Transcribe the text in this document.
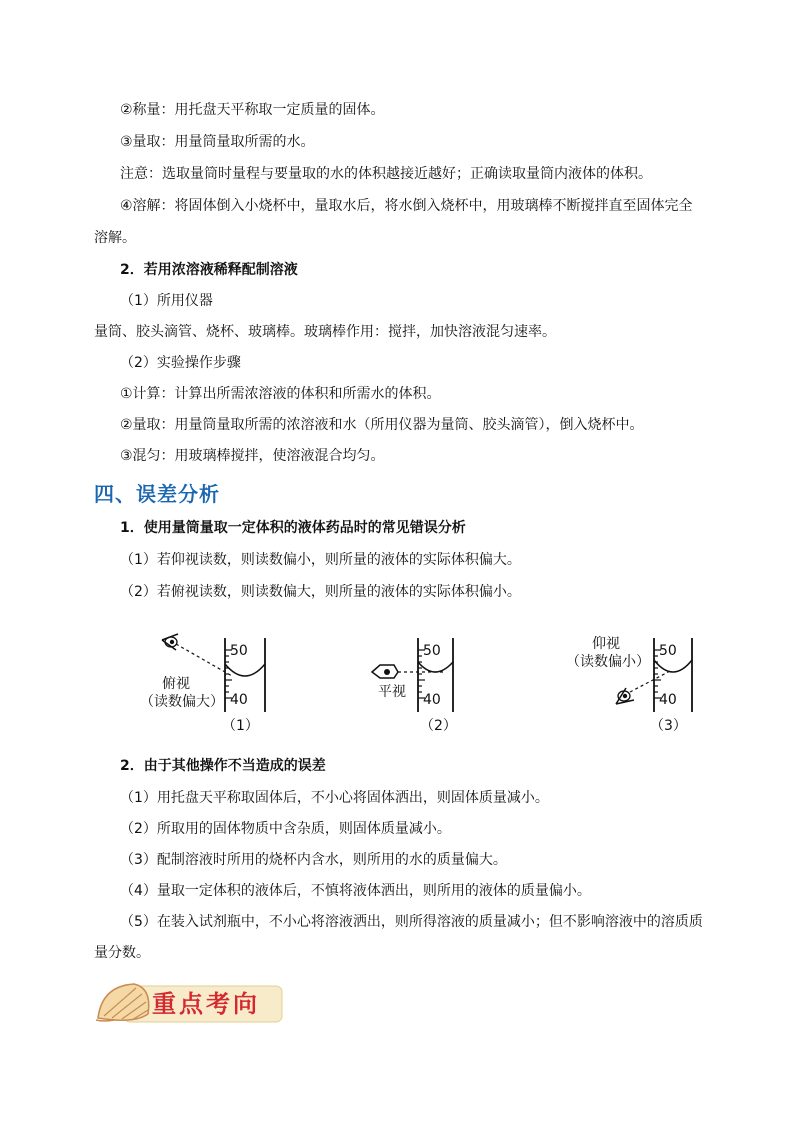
②称量：用托盘天平称取一定质量的固体。
③量取：用量筒量取所需的水。
注意：选取量筒时量程与要量取的水的体积越接近越好；正确读取量筒内液体的体积。
④溶解：将固体倒入小烧杯中，量取水后，将水倒入烧杯中，用玻璃棒不断搅拌直至固体完全
溶解。
2．若用浓溶液稀释配制溶液
（1）所用仪器
量筒、胶头滴管、烧杯、玻璃棒。玻璃棒作用：搅拌，加快溶液混匀速率。
（2）实验操作步骤
①计算：计算出所需浓溶液的体积和所需水的体积。
②量取：用量筒量取所需的浓溶液和水（所用仪器为量筒、胶头滴管），倒入烧杯中。
③混匀：用玻璃棒搅拌，使溶液混合均匀。
四、误差分析
1．使用量筒量取一定体积的液体药品时的常见错误分析
（1）若仰视读数，则读数偏小，则所量的液体的实际体积偏大。
（2）若俯视读数，则读数偏大，则所量的液体的实际体积偏小。
50
40
俯视
（读数偏大）
（1）
50
40
平视
（2）
仰视
（读数偏小）
50
40
（3）
2．由于其他操作不当造成的误差
（1）用托盘天平称取固体后，不小心将固体洒出，则固体质量减小。
（2）所取用的固体物质中含杂质，则固体质量减小。
（3）配制溶液时所用的烧杯内含水，则所用的水的质量偏大。
（4）量取一定体积的液体后，不慎将液体洒出，则所用的液体的质量偏小。
（5）在装入试剂瓶中，不小心将溶液洒出，则所得溶液的质量减小；但不影响溶液中的溶质质
量分数。
重点考向
